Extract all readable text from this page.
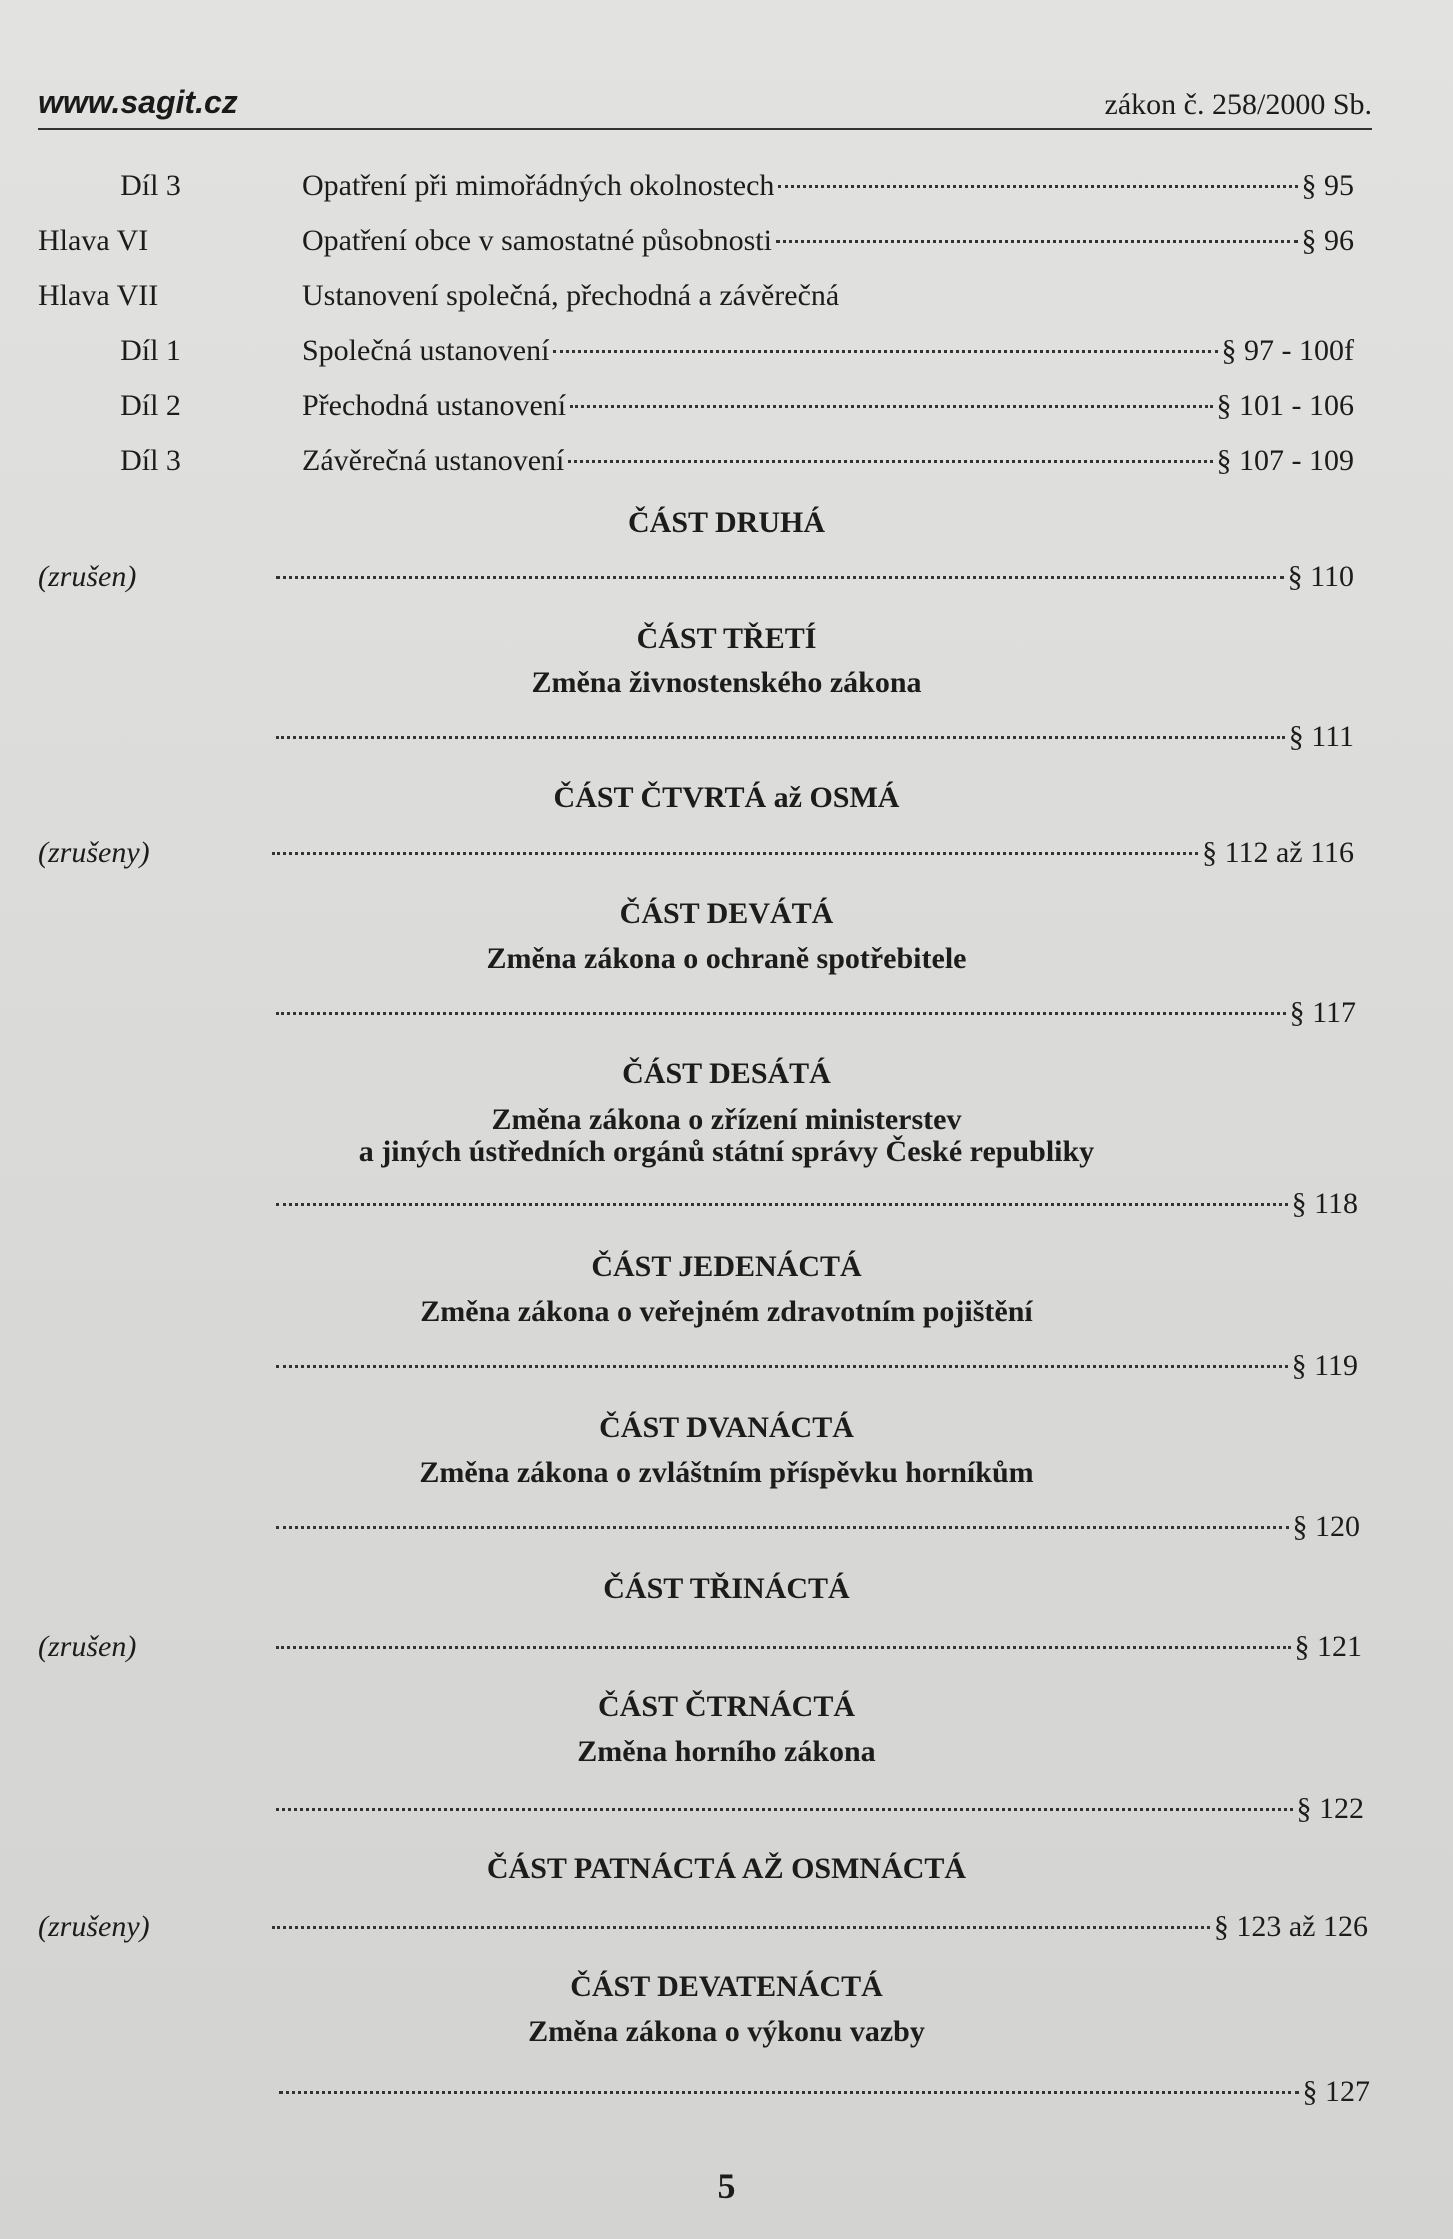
www.sagit.cz	zákon č. 258/2000 Sb.
Díl 3	Opatření při mimořádných okolnostech	§ 95
Hlava VI	Opatření obce v samostatné působnosti	§ 96
Hlava VII	Ustanovení společná, přechodná a závěrečná
Díl 1	Společná ustanovení	§ 97 - 100f
Díl 2	Přechodná ustanovení	§ 101 - 106
Díl 3	Závěrečná ustanovení	§ 107 - 109
ČÁST DRUHÁ
(zrušen)	§ 110
ČÁST TŘETÍ
Změna živnostenského zákona
§ 111
ČÁST ČTVRTÁ až OSMÁ
(zrušeny)	§ 112 až 116
ČÁST DEVÁTÁ
Změna zákona o ochraně spotřebitele
§ 117
ČÁST DESÁTÁ
Změna zákona o zřízení ministerstev
a jiných ústředních orgánů státní správy České republiky
§ 118
ČÁST JEDENÁCTÁ
Změna zákona o veřejném zdravotním pojištění
§ 119
ČÁST DVANÁCTÁ
Změna zákona o zvláštním příspěvku horníkům
§ 120
ČÁST TŘINÁCTÁ
(zrušen)	§ 121
ČÁST ČTRNÁCTÁ
Změna horního zákona
§ 122
ČÁST PATNÁCTÁ AŽ OSMNÁCTÁ
(zrušeny)	§ 123 až 126
ČÁST DEVATENÁCTÁ
Změna zákona o výkonu vazby
§ 127
5
